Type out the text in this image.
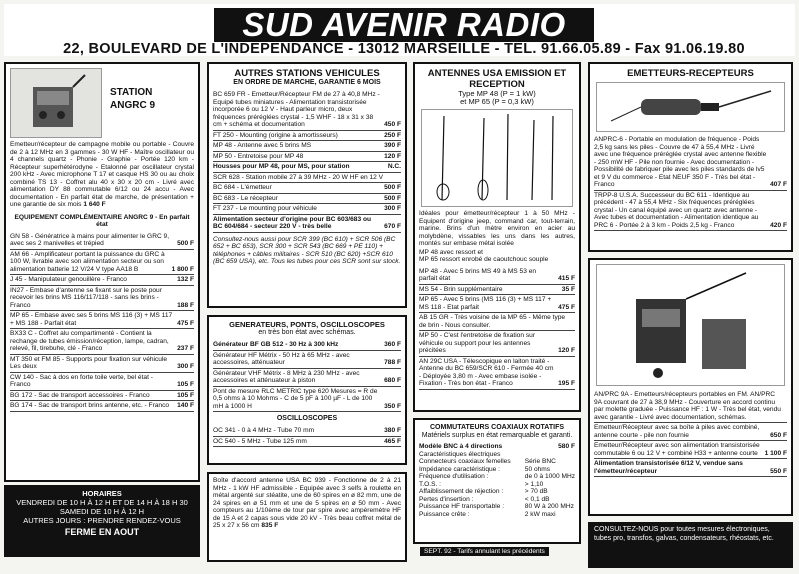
SUD AVENIR RADIO
22, BOULEVARD DE L'INDÉPENDANCE - 13012 MARSEILLE - TÉL. 91.66.05.89 - Fax 91.06.19.80
STATION ANGRC 9
Emetteur/récepteur de campagne mobile ou portable - Couvre de 2 à 12 MHz en 3 gammes - 30 W HF - Maître oscillateur ou 4 channels quartz - Phonie - Graphie - Portée 120 km - Récepteur superhétérodyne - Etalonné par oscillateur crystal 200 kHz - Avec microphone T 17 et casque HS 30 ou au choix combiné TS 13 - Coffret alu 40 x 30 x 20 cm - Livré avec alimentation DY 88 commutable 6/12 ou 24 accu - Avec documentation - En parfait état de marche, de présentation + une garantie de six mois 1 640 F
EQUIPEMENT COMPLÉMENTAIRE ANGRC 9 - En parfait état
GN 58 - Génératrice à mains pour alimenter le GRC 9, avec ses 2 manivelles et trépied	500 F
AM 66 - Amplificateur portant la puissance du GRC à 100 W, livrable avec son alimentation secteur ou son alimentation batterie 12 V/24 V type AA18 B	1 800 F
J 45 - Manipulateur genouillère - Franco	132 F
IN27 - Embase d'antenne se fixant sur le poste pour recevoir les brins MS 116/117/118 - sans les brins - Franco	188 F
MP 65 - Embase avec ses 5 brins MS 116 (3) + MS 117 + MS 188 - Parfait état	475 F
BX33 C - Coffret alu compartimenté - Contient la rechange de tubes émission/réception, lampe, cadran, relevé, fil, tirebuhe, clé - Franco	237 F
MT 350 et FM 85 - Supports pour fixation sur véhicule Les deux	300 F
CW 140 - Sac à dos en forte toile verte, bel état - Franco	105 F
BG 172 - Sac de transport accessoires - Franco	105 F
BG 174 - Sac de transport brins antenne, etc. - Franco	140 F
HORAIRES
VENDREDI DE 10 H À 12 H ET DE 14 H À 18 H 30
SAMEDI DE 10 H À 12 H
AUTRES JOURS : PRENDRE RENDEZ-VOUS
FERME EN AOUT
AUTRES STATIONS VEHICULES
EN ORDRE DE MARCHE, GARANTIE 6 MOIS
BC 659 FR - Emetteur/Récepteur FM de 27 à 40,8 MHz - Equipé tubes miniatures - Alimentation transistorisée incorporée 6 ou 12 V - Haut parleur micro, deux fréquences préréglées crystal - 1,5 WHF - 18 x 31 x 38 cm + schéma et documentation	450 F
FT 250 - Mounting (origine à amortisseurs)	250 F
MP 48 - Antenne avec 5 brins MS	390 F
MP 50 - Entretoise pour MP 48	120 F
Housses pour MP 48, pour MS, pour station	N.C.
SCR 628 - Station mobile 27 à 39 MHz - 20 W HF en 12 V
BC 684 - L'émetteur	500 F
BC 683 - Le récepteur	500 F
FT 237 - Le mounting pour véhicule	300 F
Alimentation secteur d'origine pour BC 603/683 ou BC 604/684 - secteur 220 V - très belle	670 F
Consultez-nous aussi pour SCR 399 (BC 610) + SCR 506 (BC 652 + BC 653), SCR 300 + SCR 543 (BC 669 + PE 110) + téléphones + câbles militaires - SCR 510 (BC 620) +SCR 610 (BC 659 USA), etc. Tous les tubes pour ces SCR sont sur stock.
GENERATEURS, PONTS, OSCILLOSCOPES
en très bon état avec schémas.
Générateur BF GB 512 - 30 Hz à 300 kHz	360 F
Générateur HF Métrix - 50 Hz à 65 MHz - avec accessoires, atténuateur	788 F
Générateur VHF Métrix - 8 MHz à 230 MHz - avec accessoires et atténuateur à piston	680 F
Pont de mesure RLC METRIC type 620 Mesures = R de 0,5 ohms à 10 Mohms - C de 5 pF à 100 µF - L de 100 mH à 1000 H	350 F
OSCILLOSCOPES
OC 341 - 0 à 4 MHz - Tube 70 mm	380 F
OC 540 - 5 MHz - Tube 125 mm	465 F
Boîte d'accord antenne USA BC 939 - Fonctionne de 2 à 21 MHz - 1 kW HF admissible - Equipée avec 3 selfs à roulette en métal argenté sur stéatite, une de 60 spires en ø 82 mm, une de 24 spires en ø 51 mm et une de 5 spires en ø 50 mm - Avec compteurs au 1/10ème de tour par spire avec ampèremètre HF de 15 A et 2 capas sous vide 20 kV - Très beau coffret métal de 25 x 27 x 56 cm 835 F
ANTENNES USA EMISSION ET RECEPTION
Type MP 48 (P = 1 kW)
et MP 65 (P = 0,3 kW)
Idéales pour émetteur/récepteur 1 à 50 MHz - Equipent d'origine jeep, command car, tout-terrain, marine. Brins d'un mètre environ en acier au molybdène, vissables les uns dans les autres, montés sur embase métal isolée
MP 48 avec ressort et
MP 65 ressort enrobé de caoutchouc souple
MP 48 - Avec 5 brins MS 49 à MS 53 en parfait état	415 F
MS 54 - Brin supplémentaire	35 F
MP 65 - Avec 5 brins (MS 116 (3) + MS 117 + MS 118 - Etat parfait	475 F
AB 15 GR - Très voisine de la MP 65 - Même type de brin - Nous consulter.
MP 50 - C'est l'entretoise de fixation sur véhicule ou support pour les antennes précitées	120 F
AN 29C USA - Télescopique en laiton traité - Antenne du BC 659/SCR 610 - Fermée 40 cm - Déployée 3,80 m - Avec embase isolée - Fixation - Très bon état - Franco	195 F
COMMUTATEURS COAXIAUX ROTATIFS
Matériels surplus en état remarquable et garanti.
Modèle BNC à 4 directions	580 F
Caractéristiques électriques
Connecteurs coaxiaux femelles	Série BNC
Impédance caractéristique :	50 ohms
Fréquence d'utilisation :	de 0 à 1000 MHz
T.O.S. :	> 1,10
Affaiblissement de réjection :	> 70 dB
Pertes d'insertion :	< 0,1 dB
Puissance HF transportable :	80 W à 200 MHz
Puissance crête :	2 kW maxi
SEPT. 92 - Tarifs annulant les précédents
EMETTEURS-RECEPTEURS
ANPRC-6 - Portable en modulation de fréquence - Poids 2,5 kg sans les piles - Couvre de 47 à 55,4 MHz - Livré avec une fréquence préréglée crystal avec antenne flexible - 250 mW HF - Pile non fournie - Avec documentation - Possibilité de fabriquer pile avec les piles standards de lv5 et 9 V du commerce - Etat NEUF 350 F - Très bel état - Franco	407 F
TRPP-8 U.S.A. Successeur du BC 611 - Identique au précédent - 47 à 55,4 MHz - Six fréquences préréglées crystal - Un canal équipé avec un quartz avec antenne - Avec tubes et documentation - Alimentation identique au PRC 6 - Portée 2 à 3 km - Poids 2,5 kg - Franco	420 F
AN/PRC 9A - Emetteurs/récepteurs portables en FM. AN/PRC 9A couvrant de 27 à 38,9 MHz - Couverture en accord continu par molette graduée - Puissance HF : 1 W - Très bel état, vendu avec garantie - Livré avec documentation, schémas.
Emetteur/Récepteur avec sa boîte à piles avec combiné, antenne courte - pile non fournie	650 F
Emetteur/Récepteur avec son alimentation transistorisée commutable 6 ou 12 V + combiné H33 + antenne courte	1 100 F
Alimentation transistorisée 6/12 V, vendue sans l'émetteur/récepteur	550 F
CONSULTEZ-NOUS pour toutes mesures électroniques, tubes pro, transfos, galvas, condensateurs, rhéostats, etc.
